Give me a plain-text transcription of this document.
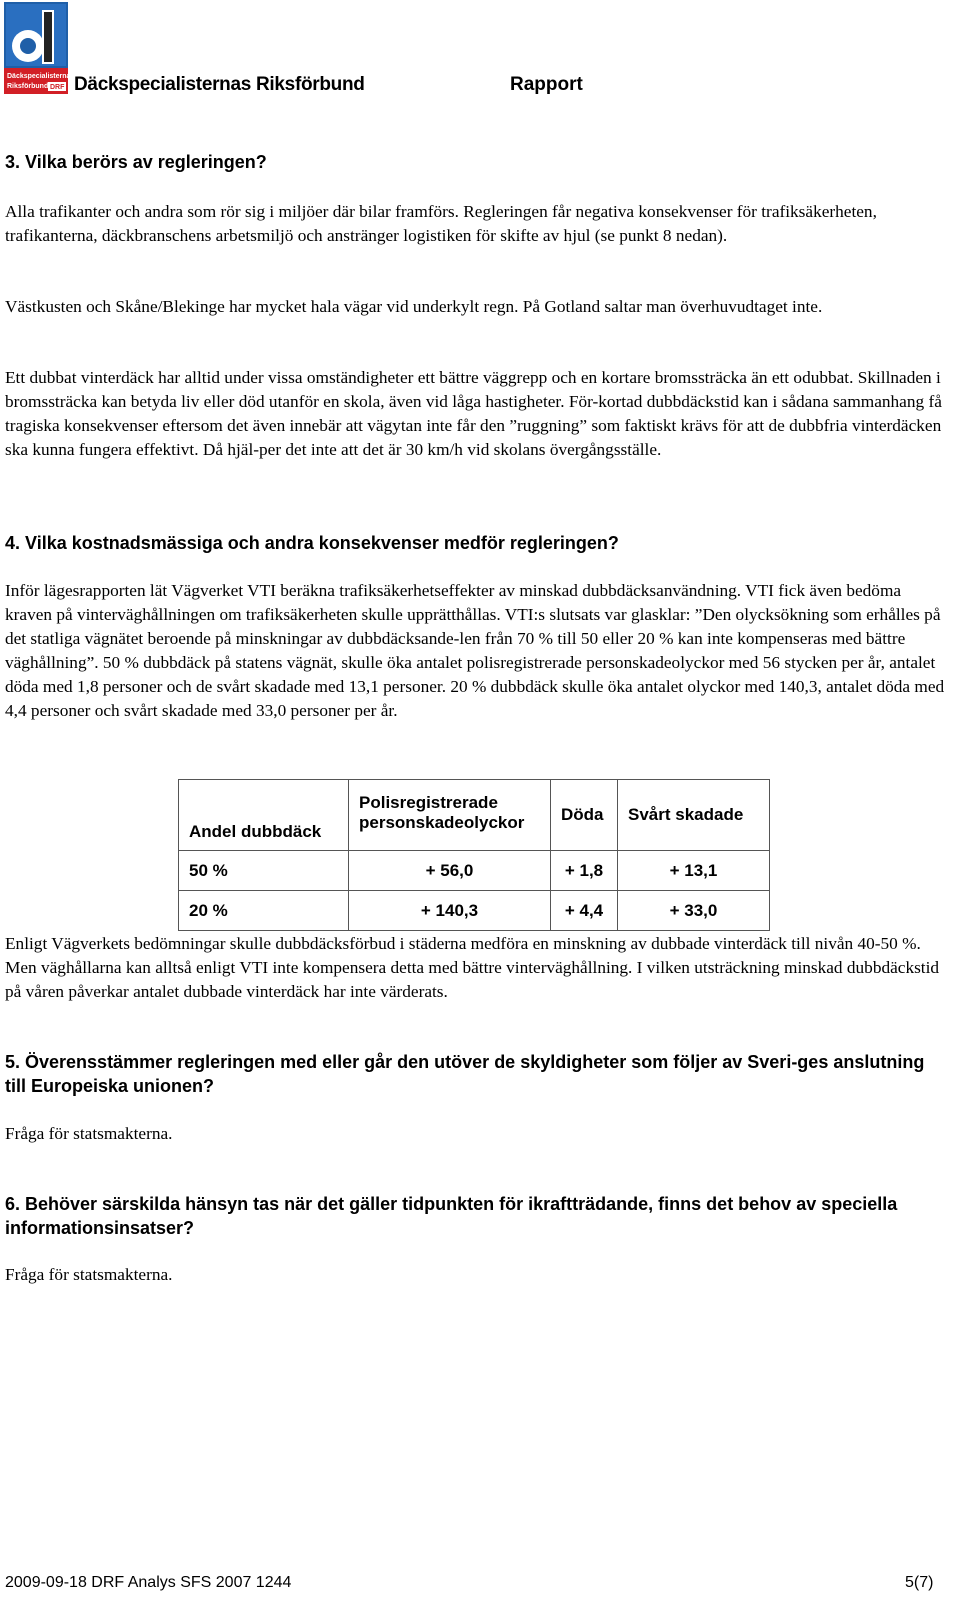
Däckspecialisternas
Riksförbund DRF Däckspecialisternas Riksförbund	Rapport
3. Vilka berörs av regleringen?

Alla trafikanter och andra som rör sig i miljöer där bilar framförs. Regleringen får negativa konsekvenser för trafiksäkerheten, trafikanterna, däckbranschens arbetsmiljö och anstränger logistiken för skifte av hjul (se punkt 8 nedan).

Västkusten och Skåne/Blekinge har mycket hala vägar vid underkylt regn. På Gotland saltar man överhuvudtaget inte.

Ett dubbat vinterdäck har alltid under vissa omständigheter ett bättre väggrepp och en kortare bromssträcka än ett odubbat. Skillnaden i bromssträcka kan betyda liv eller död utanför en skola, även vid låga hastigheter. För-kortad dubbdäckstid kan i sådana sammanhang få tragiska konsekvenser eftersom det även innebär att vägytan inte får den ”ruggning” som faktiskt krävs för att de dubbfria vinterdäcken ska kunna fungera effektivt. Då hjäl-per det inte att det är 30 km/h vid skolans övergångsställe.

4. Vilka kostnadsmässiga och andra konsekvenser medför regleringen?

Inför lägesrapporten lät Vägverket VTI beräkna trafiksäkerhetseffekter av minskad dubbdäcksanvändning. VTI fick även bedöma kraven på vinterväghållningen om trafiksäkerheten skulle upprätthållas. VTI:s slutsats var glasklar: ”Den olycksökning som erhålles på det statliga vägnätet beroende på minskningar av dubbdäcksande-len från 70 % till 50 eller 20 % kan inte kompenseras med bättre väghållning”. 50 % dubbdäck på statens vägnät, skulle öka antalet polisregistrerade personskadeolyckor med 56 stycken per år, antalet döda med 1,8 personer och de svårt skadade med 13,1 personer. 20 % dubbdäck skulle öka antalet olyckor med 140,3, antalet döda med 4,4 personer och svårt skadade med 33,0 personer per år.

Andel dubbdäck	Polisregistrerade personskadeolyckor	Döda	Svårt skadade
50 %	+ 56,0	+ 1,8	+ 13,1
20 %	+ 140,3	+ 4,4	+ 33,0

Enligt Vägverkets bedömningar skulle dubbdäcksförbud i städerna medföra en minskning av dubbade vinterdäck till nivån 40-50 %. Men väghållarna kan alltså enligt VTI inte kompensera detta med bättre vinterväghållning. I vilken utsträckning minskad dubbdäckstid på våren påverkar antalet dubbade vinterdäck har inte värderats.

5. Överensstämmer regleringen med eller går den utöver de skyldigheter som följer av Sveri-ges anslutning till Europeiska unionen?

Fråga för statsmakterna.

6. Behöver särskilda hänsyn tas när det gäller tidpunkten för ikraftträdande, finns det behov av speciella informationsinsatser?

Fråga för statsmakterna.

2009-09-18 DRF Analys SFS 2007 1244	5(7)
